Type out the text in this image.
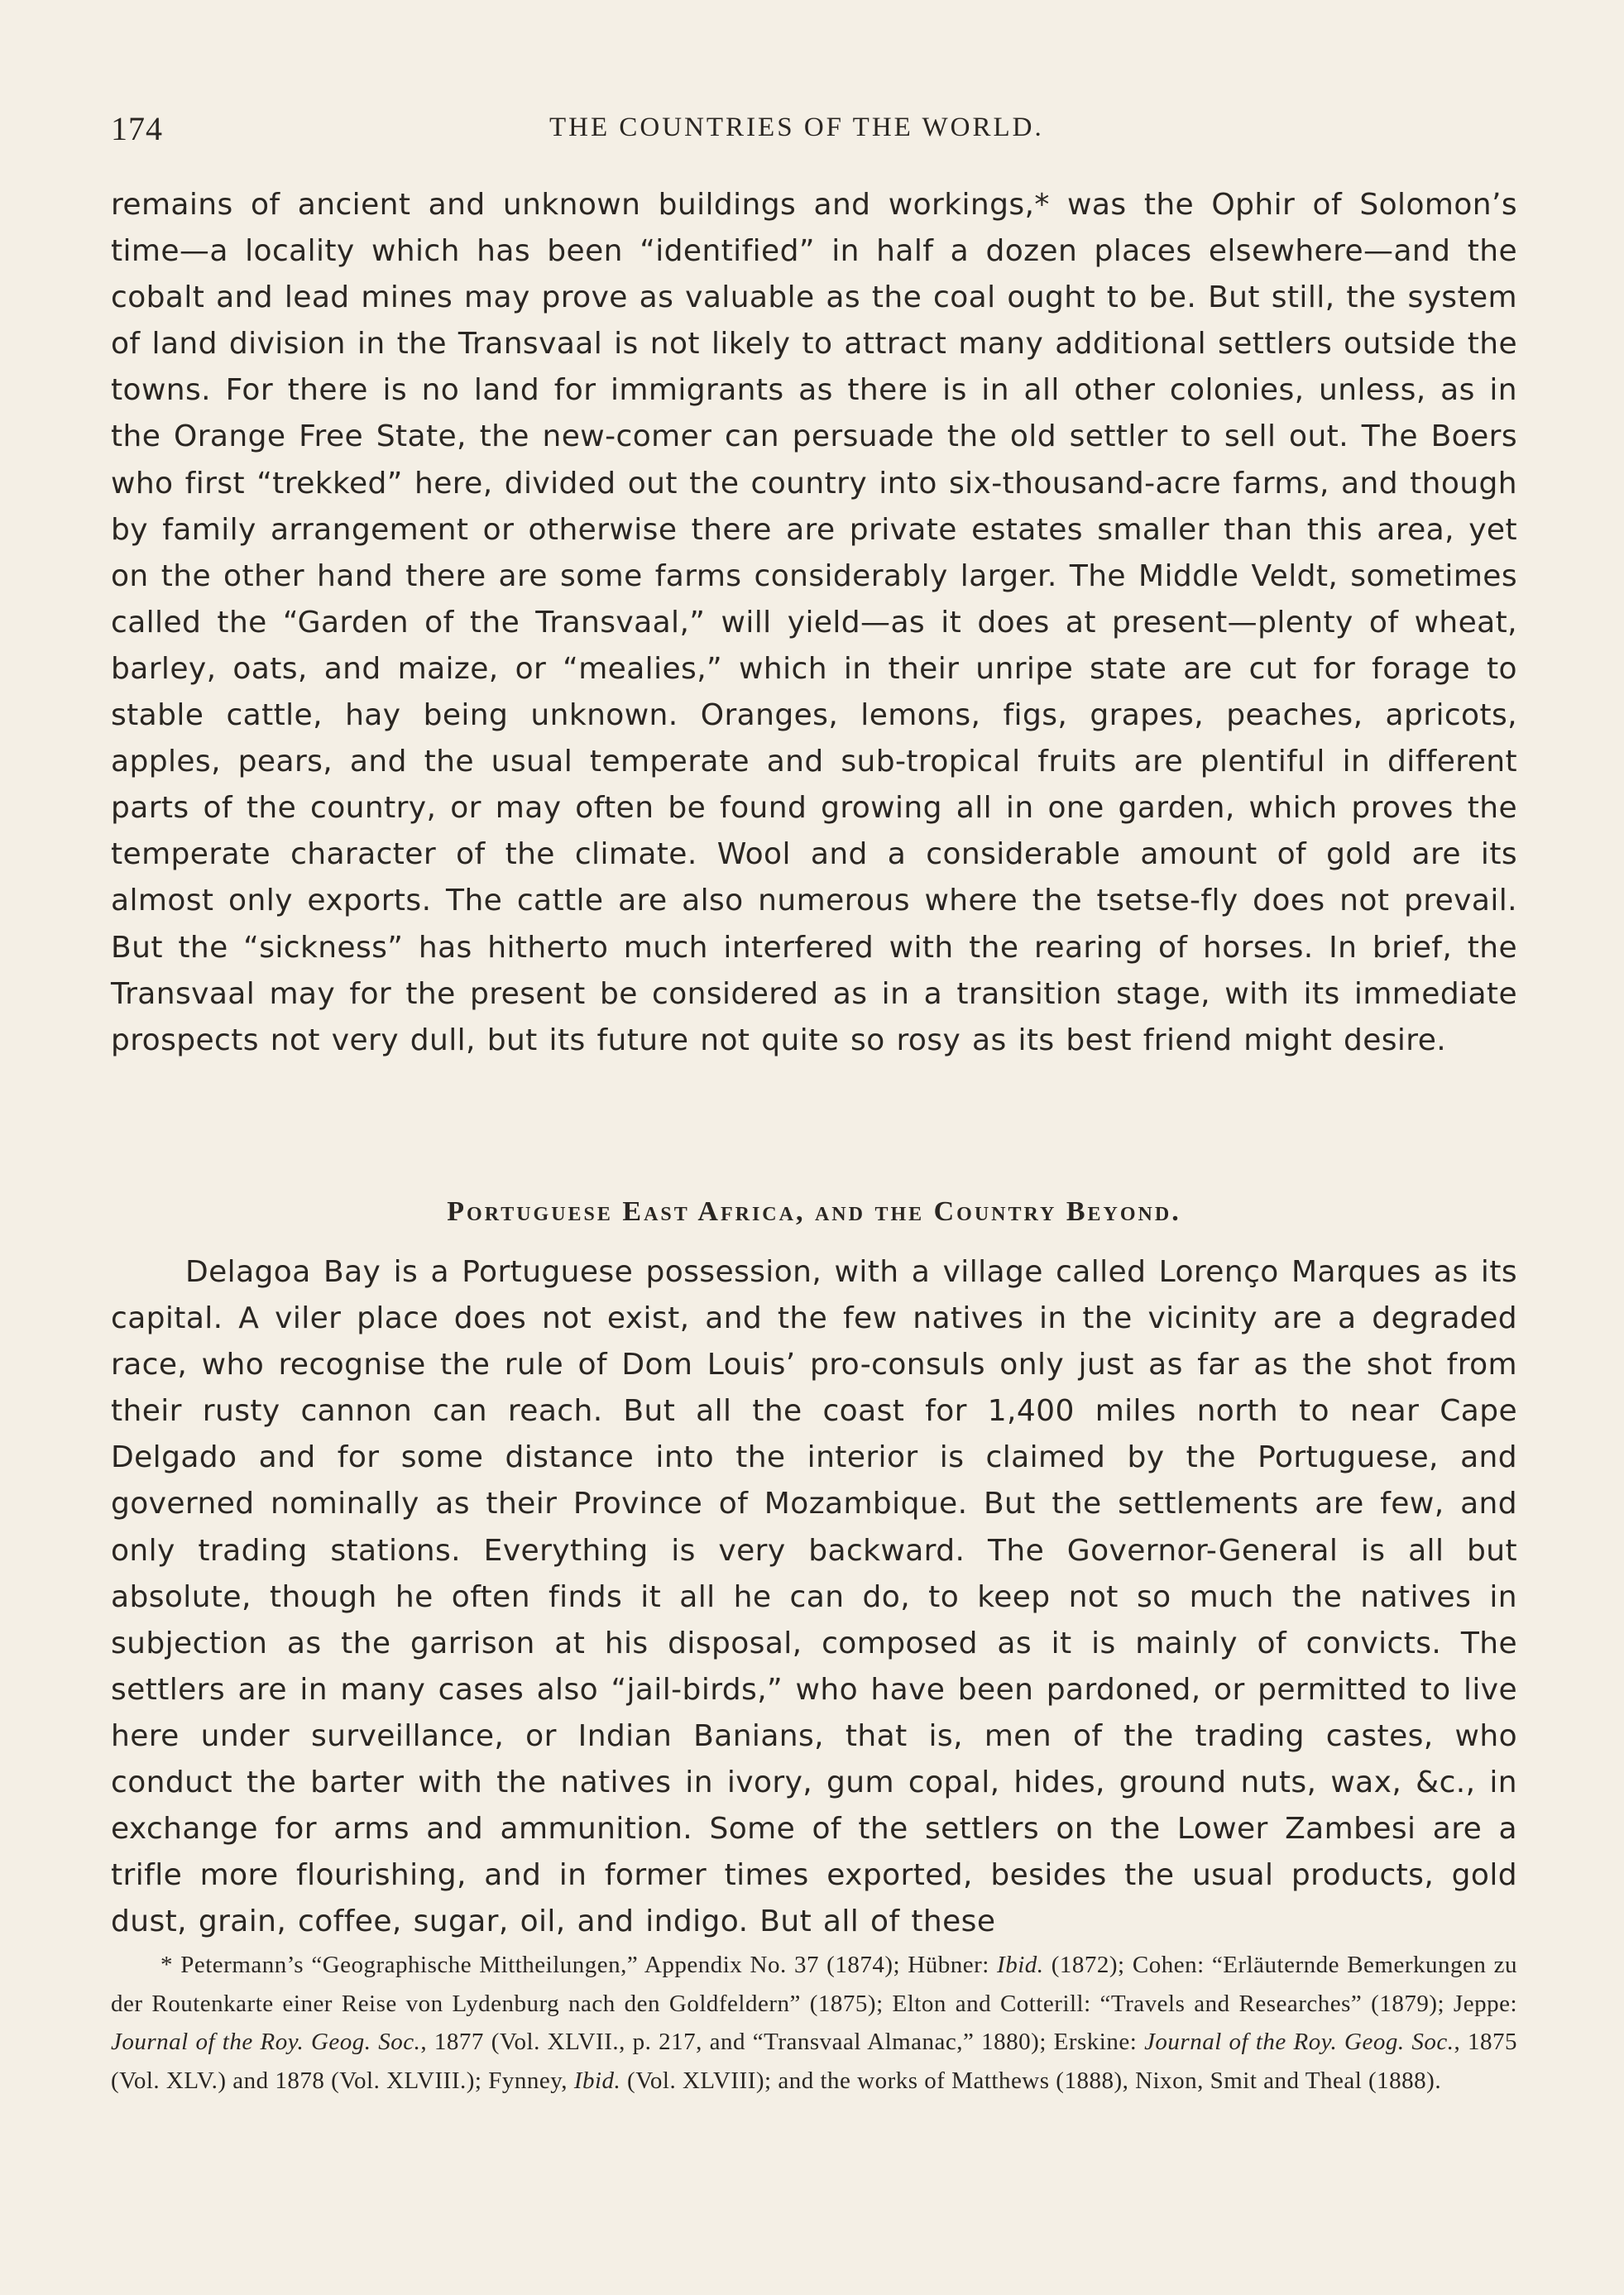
174	THE COUNTRIES OF THE WORLD.

remains of ancient and unknown buildings and workings,* was the Ophir of Solomon’s time—a locality which has been “identified” in half a dozen places elsewhere—and the cobalt and lead mines may prove as valuable as the coal ought to be. But still, the system of land division in the Transvaal is not likely to attract many additional settlers outside the towns. For there is no land for immigrants as there is in all other colonies, unless, as in the Orange Free State, the new-comer can persuade the old settler to sell out. The Boers who first “trekked” here, divided out the country into six-thousand-acre farms, and though by family arrangement or otherwise there are private estates smaller than this area, yet on the other hand there are some farms considerably larger. The Middle Veldt, sometimes called the “Garden of the Transvaal,” will yield—as it does at present—plenty of wheat, barley, oats, and maize, or “mealies,” which in their unripe state are cut for forage to stable cattle, hay being unknown. Oranges, lemons, figs, grapes, peaches, apricots, apples, pears, and the usual temperate and sub-tropical fruits are plentiful in different parts of the country, or may often be found growing all in one garden, which proves the temperate character of the climate. Wool and a considerable amount of gold are its almost only exports. The cattle are also numerous where the tsetse-fly does not prevail. But the “sickness” has hitherto much interfered with the rearing of horses. In brief, the Transvaal may for the present be considered as in a transition stage, with its immediate prospects not very dull, but its future not quite so rosy as its best friend might desire.

Portuguese East Africa, and the Country Beyond.

Delagoa Bay is a Portuguese possession, with a village called Lorenço Marques as its capital. A viler place does not exist, and the few natives in the vicinity are a degraded race, who recognise the rule of Dom Louis’ pro-consuls only just as far as the shot from their rusty cannon can reach. But all the coast for 1,400 miles north to near Cape Delgado and for some distance into the interior is claimed by the Portuguese, and governed nominally as their Province of Mozambique. But the settlements are few, and only trading stations. Everything is very backward. The Governor-General is all but absolute, though he often finds it all he can do, to keep not so much the natives in subjection as the garrison at his disposal, composed as it is mainly of convicts. The settlers are in many cases also “jail-birds,” who have been pardoned, or permitted to live here under surveillance, or Indian Banians, that is, men of the trading castes, who conduct the barter with the natives in ivory, gum copal, hides, ground nuts, wax, &c., in exchange for arms and ammunition. Some of the settlers on the Lower Zambesi are a trifle more flourishing, and in former times exported, besides the usual products, gold dust, grain, coffee, sugar, oil, and indigo. But all of these

* Petermann’s “Geographische Mittheilungen,” Appendix No. 37 (1874); Hübner: Ibid. (1872); Cohen: “Erläuternde Bemerkungen zu der Routenkarte einer Reise von Lydenburg nach den Goldfeldern” (1875); Elton and Cotterill: “Travels and Researches” (1879); Jeppe: Journal of the Roy. Geog. Soc., 1877 (Vol. XLVII., p. 217, and “Transvaal Almanac,” 1880); Erskine: Journal of the Roy. Geog. Soc., 1875 (Vol. XLV.) and 1878 (Vol. XLVIII.); Fynney, Ibid. (Vol. XLVIII); and the works of Matthews (1888), Nixon, Smit and Theal (1888).
